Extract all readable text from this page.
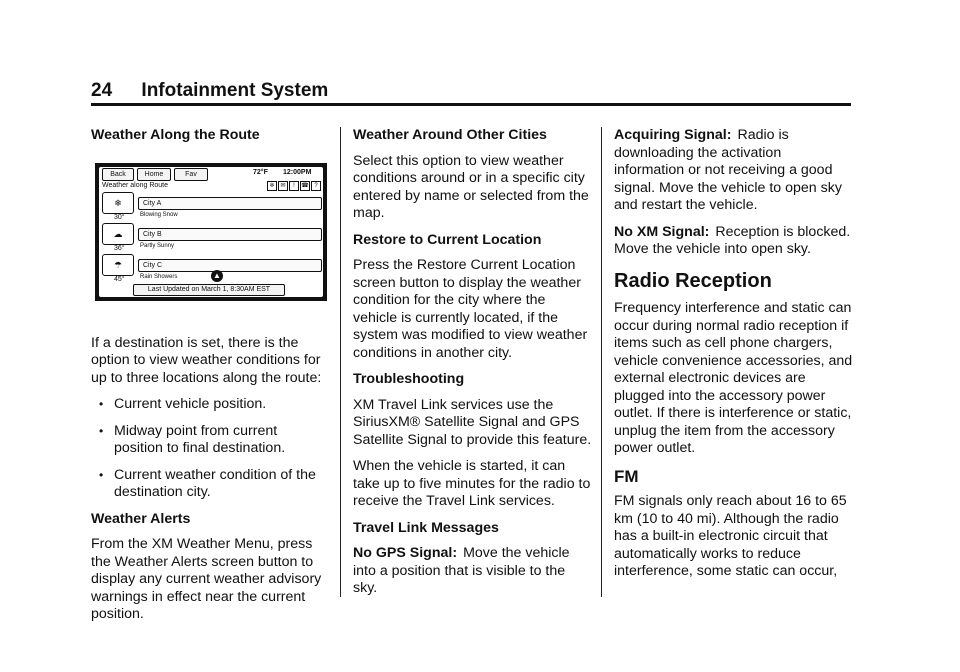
24 Infotainment System
Weather Along the Route

If a destination is set, there is the option to view weather conditions for up to three locations along the route:

• Current vehicle position.
• Midway point from current position to final destination.
• Current weather condition of the destination city.
Weather Alerts

From the XM Weather Menu, press the Weather Alerts screen button to display any current weather advisory warnings in effect near the current position.

Back	Home	Fav	72°F 12:00PM
Weather along Route	❄ ✉	!	☎ ?
❄
30°
City A
Blowing Snow
☁
36°
City B
Partly Sunny
☂
45°
City C
Rain Showers	▲
Last Updated on March 1, 8:30AM EST
Weather Around Other Cities

Select this option to view weather conditions around or in a specific city entered by name or selected from the map.

Restore to Current Location

Press the Restore Current Location screen button to display the weather condition for the city where the vehicle is currently located, if the system was modified to view weather conditions in another city.

Troubleshooting

XM Travel Link services use the SiriusXM® Satellite Signal and GPS Satellite Signal to provide this feature.

When the vehicle is started, it can take up to five minutes for the radio to receive the Travel Link services.

Travel Link Messages

No GPS Signal: Move the vehicle into a position that is visible to the sky.

Acquiring Signal: Radio is downloading the activation information or not receiving a good signal. Move the vehicle to open sky and restart the vehicle.

No XM Signal: Reception is blocked. Move the vehicle into open sky.

Radio Reception

Frequency interference and static can occur during normal radio reception if items such as cell phone chargers, vehicle convenience accessories, and external electronic devices are plugged into the accessory power outlet. If there is interference or static, unplug the item from the accessory power outlet.

FM

FM signals only reach about 16 to 65 km (10 to 40 mi). Although the radio has a built-in electronic circuit that automatically works to reduce interference, some static can occur,
